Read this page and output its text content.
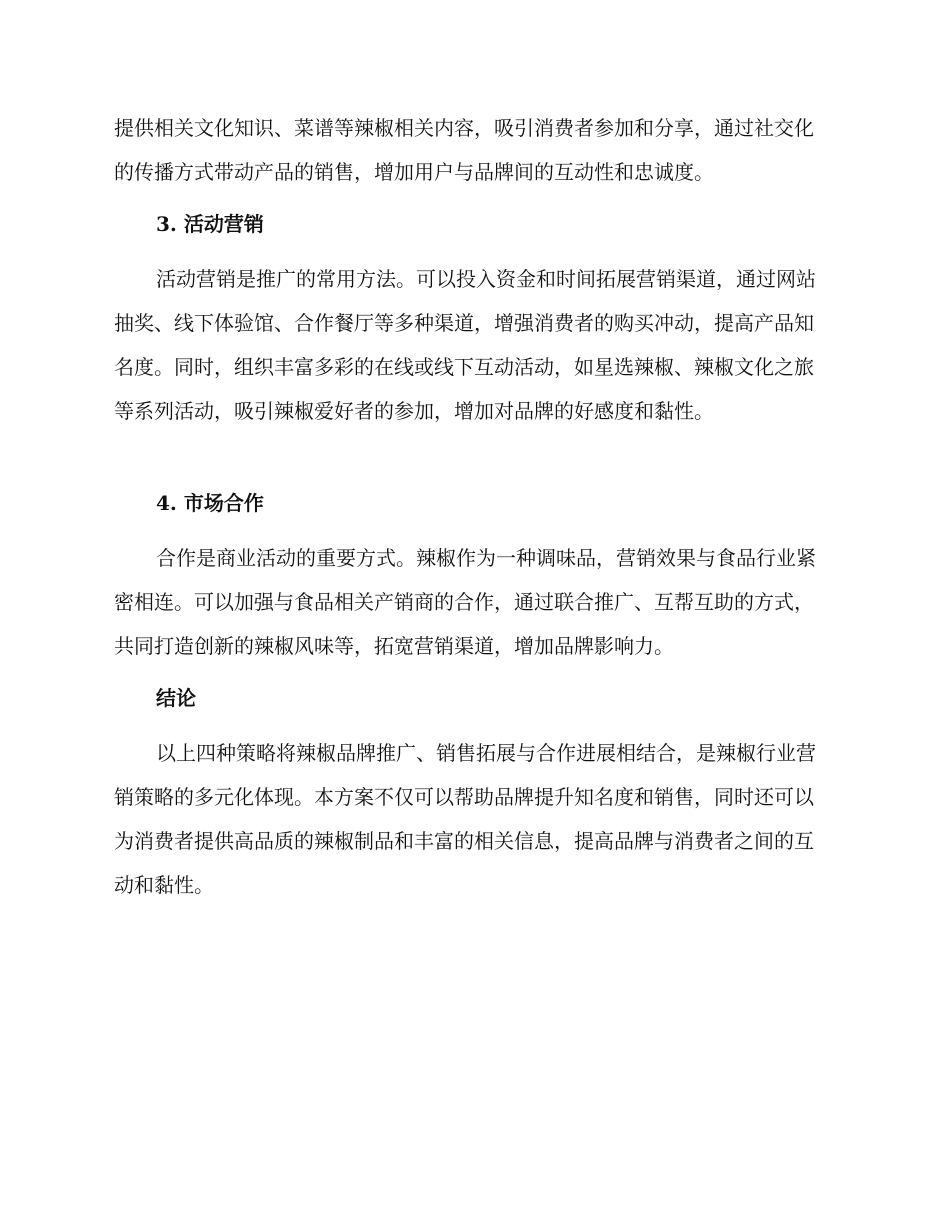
提供相关文化知识、菜谱等辣椒相关内容，吸引消费者参加和分享，通过社交化的传播方式带动产品的销售，增加用户与品牌间的互动性和忠诚度。

3. 活动营销

活动营销是推广的常用方法。可以投入资金和时间拓展营销渠道，通过网站抽奖、线下体验馆、合作餐厅等多种渠道，增强消费者的购买冲动，提高产品知名度。同时，组织丰富多彩的在线或线下互动活动，如星选辣椒、辣椒文化之旅等系列活动，吸引辣椒爱好者的参加，增加对品牌的好感度和黏性。

4. 市场合作

合作是商业活动的重要方式。辣椒作为一种调味品，营销效果与食品行业紧密相连。可以加强与食品相关产销商的合作，通过联合推广、互帮互助的方式，共同打造创新的辣椒风味等，拓宽营销渠道，增加品牌影响力。

结论

以上四种策略将辣椒品牌推广、销售拓展与合作进展相结合，是辣椒行业营销策略的多元化体现。本方案不仅可以帮助品牌提升知名度和销售，同时还可以为消费者提供高品质的辣椒制品和丰富的相关信息，提高品牌与消费者之间的互动和黏性。
